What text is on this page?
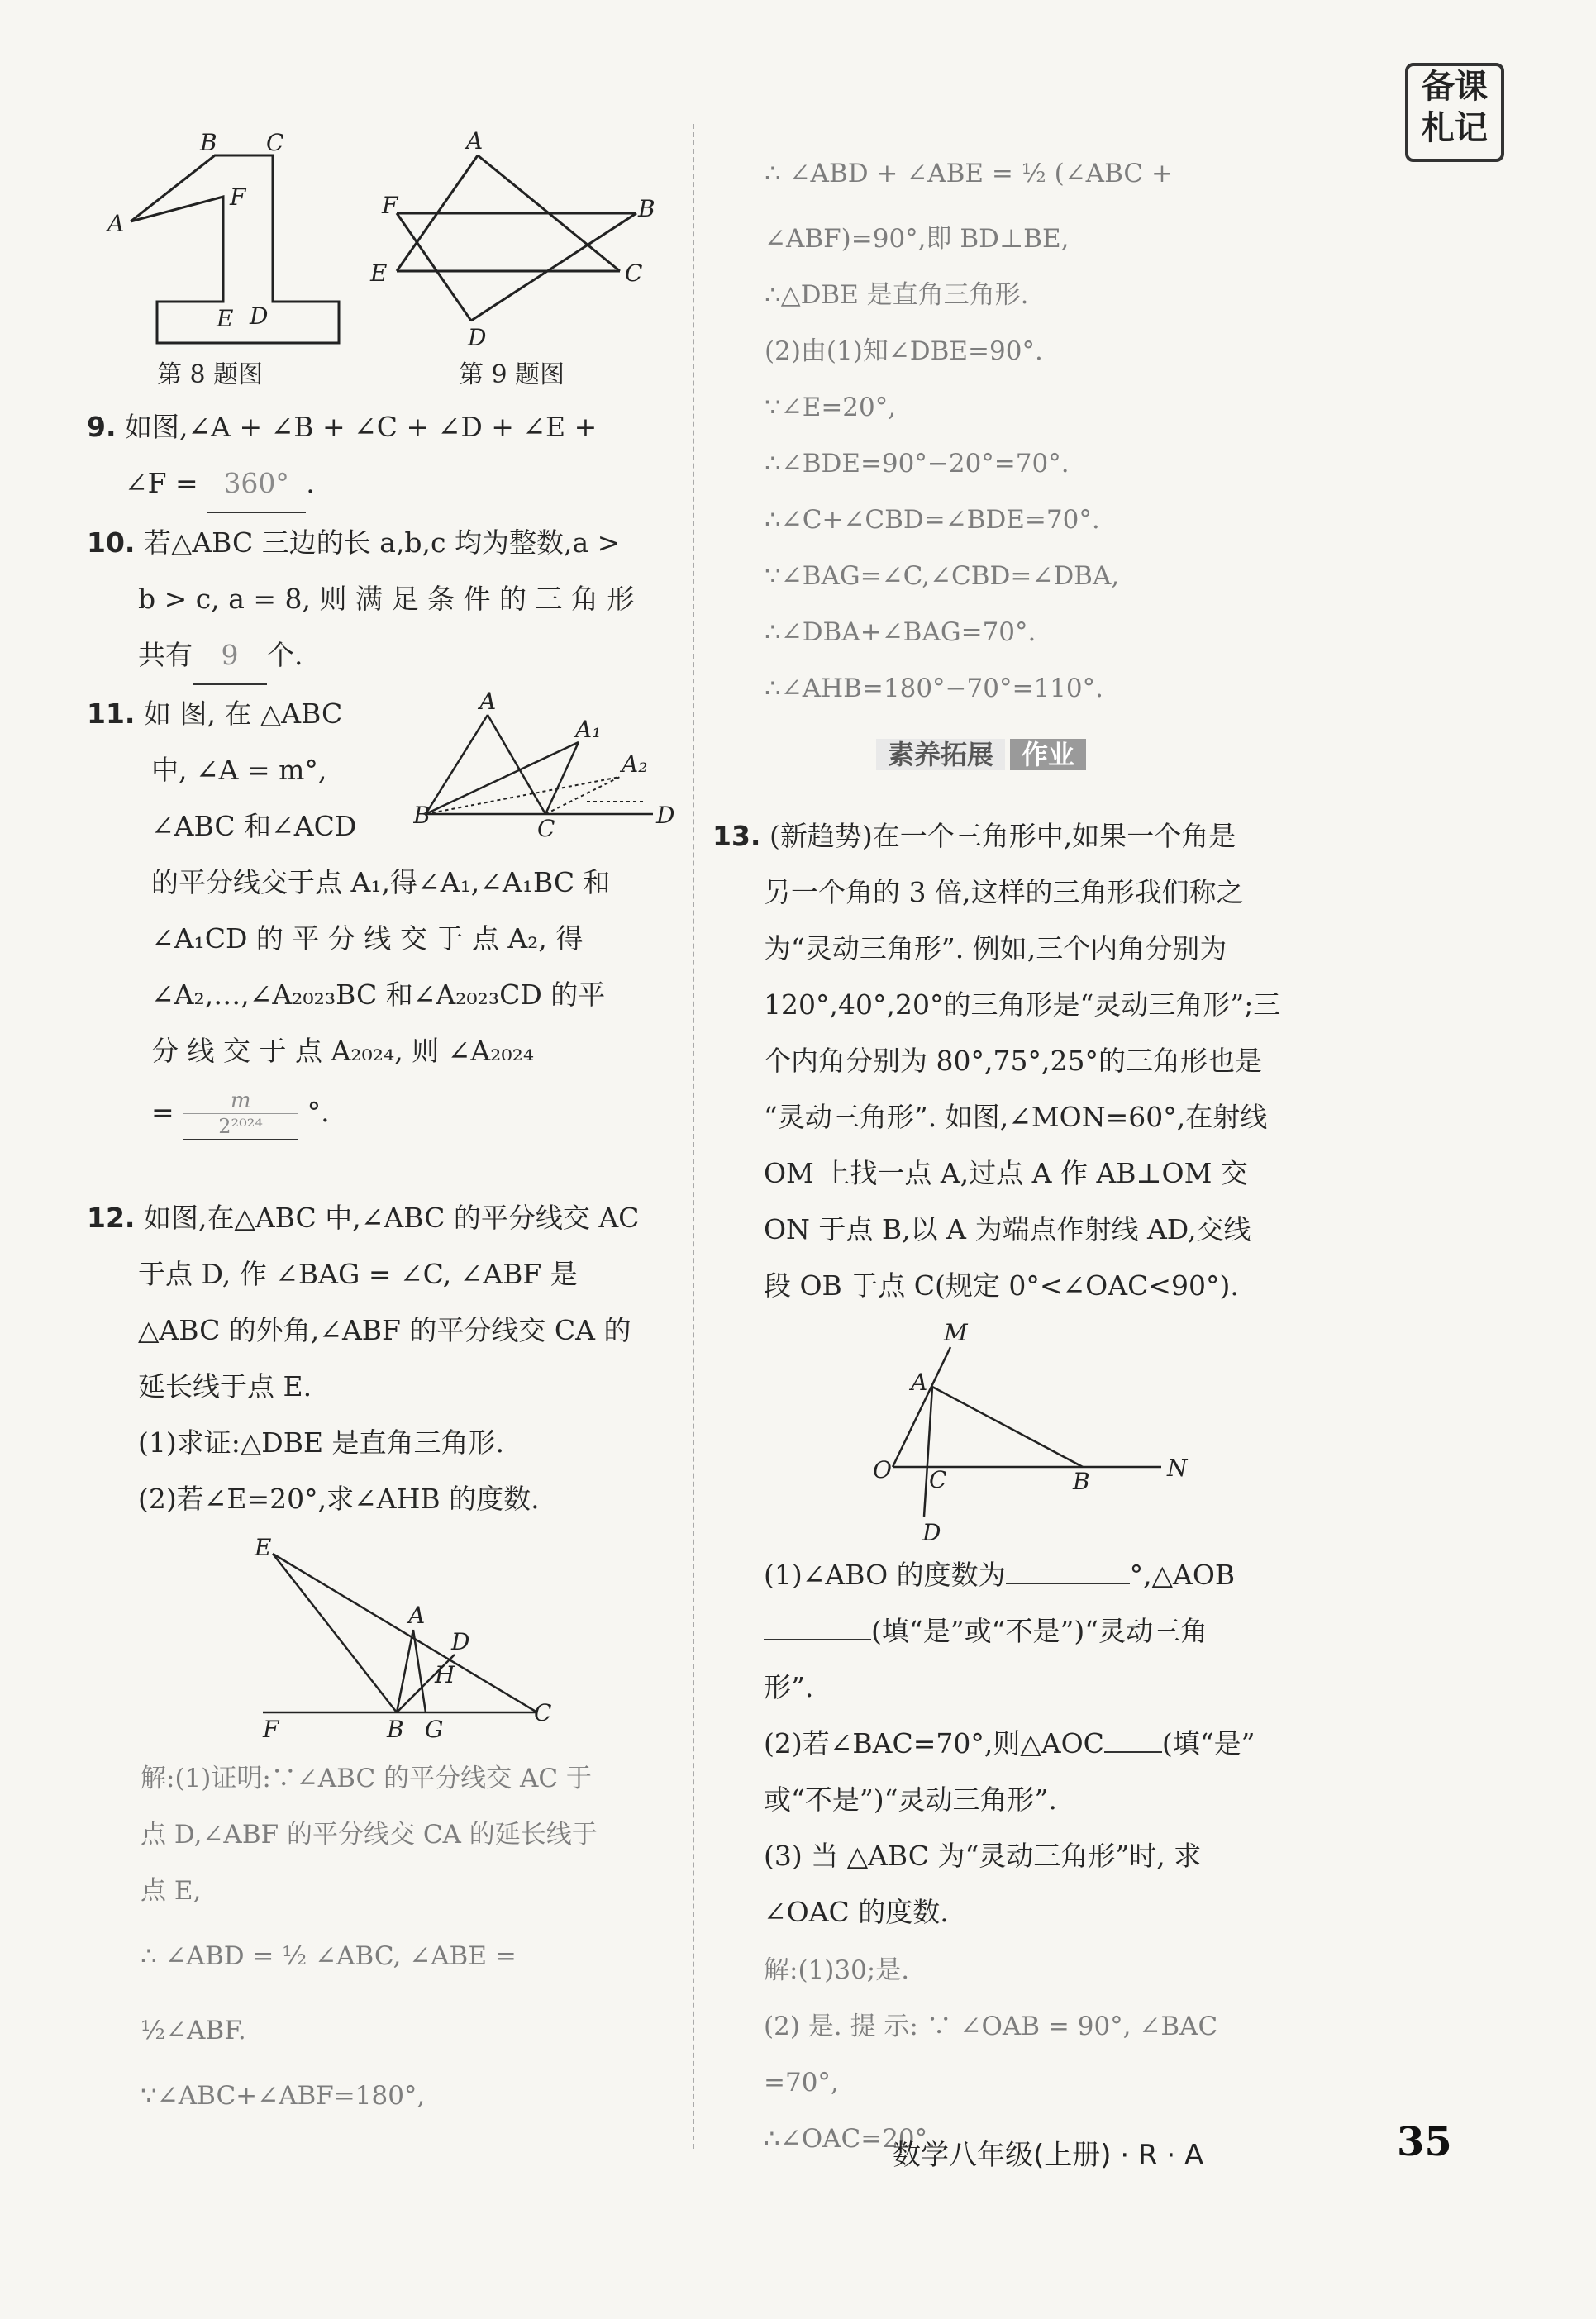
备课
札记
B C
F
A
E D
第 8 题图
A
F	B
E	C
D
第 9 题图
9. 如图,∠A + ∠B + ∠C + ∠D + ∠E +
∠F = 360° .
10. 若△ABC 三边的长 a,b,c 均为整数,a >
b > c, a = 8, 则 满 足 条 件 的 三 角 形
共有 9 个.
11. 如 图, 在 △ABC
中, ∠A = m°,
∠ABC 和∠ACD
的平分线交于点 A₁,得∠A₁,∠A₁BC 和
∠A₁CD 的 平 分 线 交 于 点 A₂, 得
∠A₂,…,∠A₂₀₂₃BC 和∠A₂₀₂₃CD 的平
分 线 交 于 点 A₂₀₂₄, 则 ∠A₂₀₂₄
= $\frac{m}{\text{2²⁰²⁴}}$ °.
A
A₁
A₂
B	C	D
12. 如图,在△ABC 中,∠ABC 的平分线交 AC
于点 D, 作 ∠BAG = ∠C, ∠ABF 是
△ABC 的外角,∠ABF 的平分线交 CA 的
延长线于点 E.
(1)求证:△DBE 是直角三角形.
(2)若∠E=20°,求∠AHB 的度数.
E
A
D
H
F	B G
C
解:(1)证明:∵∠ABC 的平分线交 AC 于
点 D,∠ABF 的平分线交 CA 的延长线于
点 E,
∴ ∠ABD = ½ ∠ABC, ∠ABE =
½∠ABF.
∵∠ABC+∠ABF=180°,
∴ ∠ABD + ∠ABE = ½ (∠ABC +
∠ABF)=90°,即 BD⊥BE,
∴△DBE 是直角三角形.
(2)由(1)知∠DBE=90°.
∵∠E=20°,
∴∠BDE=90°−20°=70°.
∴∠C+∠CBD=∠BDE=70°.
∵∠BAG=∠C,∠CBD=∠DBA,
∴∠DBA+∠BAG=70°.
∴∠AHB=180°−70°=110°.
素养拓展 作业
13. (新趋势)在一个三角形中,如果一个角是
另一个角的 3 倍,这样的三角形我们称之
为“灵动三角形”. 例如,三个内角分别为
120°,40°,20°的三角形是“灵动三角形”;三
个内角分别为 80°,75°,25°的三角形也是
“灵动三角形”. 如图,∠MON=60°,在射线
OM 上找一点 A,过点 A 作 AB⊥OM 交
ON 于点 B,以 A 为端点作射线 AD,交线
段 OB 于点 C(规定 0°<∠OAC<90°).
M
A
O C	B	N
D
(1)∠ABO 的度数为	°,△AOB
(填“是”或“不是”)“灵动三角
形”.
(2)若∠BAC=70°,则△AOC (填“是”
或“不是”)“灵动三角形”.
(3) 当 △ABC 为“灵动三角形”时, 求
∠OAC 的度数.
解:(1)30;是.
(2) 是. 提 示: ∵ ∠OAB = 90°, ∠BAC
=70°,
∴∠OAC=20°.
数学八年级(上册) · R · A	35
